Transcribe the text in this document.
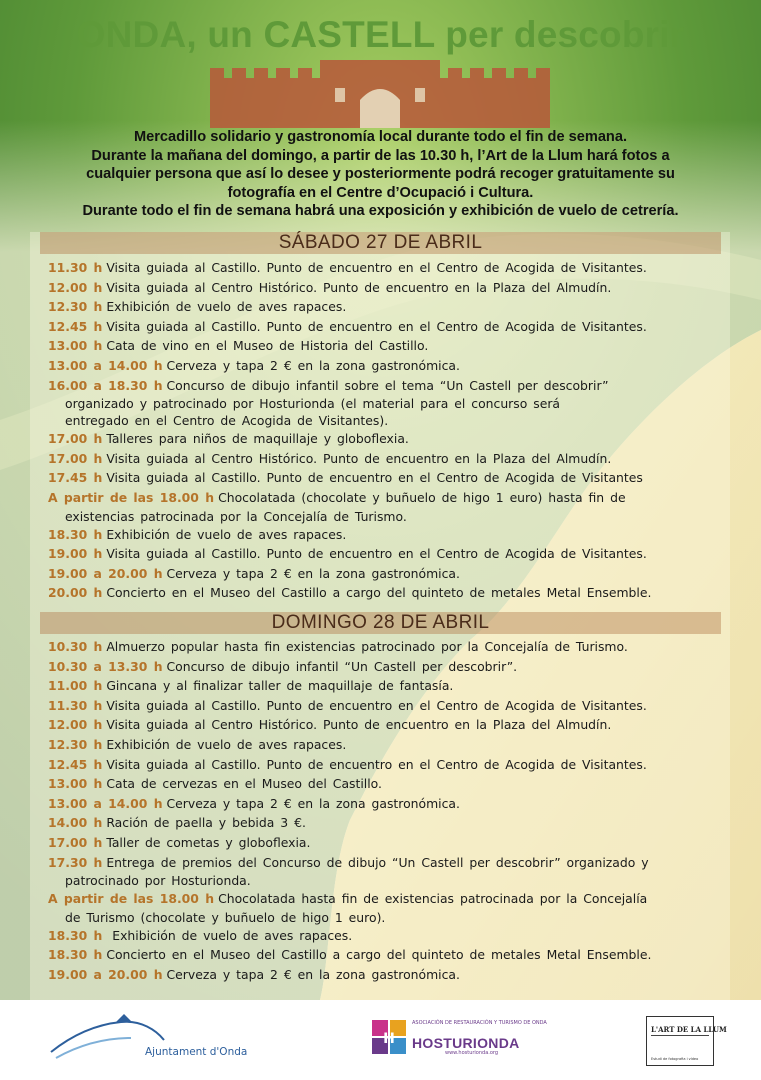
ONDA, un CASTELL per descobrir
Mercadillo solidario y gastronomía local durante todo el fin de semana.
Durante la mañana del domingo, a partir de las 10.30 h, l’Art de la Llum hará fotos a
cualquier persona que así lo desee y posteriormente podrá recoger gratuitamente su
fotografía en el Centre d’Ocupació i Cultura.
Durante todo el fin de semana habrá una exposición y exhibición de vuelo de cetrería.
SÁBADO 27 DE ABRIL
11.30 h Visita guiada al Castillo. Punto de encuentro en el Centro de Acogida de Visitantes.
12.00 h Visita guiada al Centro Histórico. Punto de encuentro en la Plaza del Almudín.
12.30 h Exhibición de vuelo de aves rapaces.
12.45 h Visita guiada al Castillo. Punto de encuentro en el Centro de Acogida de Visitantes.
13.00 h Cata de vino en el Museo de Historia del Castillo.
13.00 a 14.00 h Cerveza y tapa 2 € en la zona gastronómica.
16.00 a 18.30 h Concurso de dibujo infantil sobre el tema “Un Castell per descobrir”
organizado y patrocinado por Hosturionda (el material para el concurso será
entregado en el Centro de Acogida de Visitantes).
17.00 h Talleres para niños de maquillaje y globoflexia.
17.00 h Visita guiada al Centro Histórico. Punto de encuentro en la Plaza del Almudín.
17.45 h Visita guiada al Castillo. Punto de encuentro en el Centro de Acogida de Visitantes
A partir de las 18.00 h Chocolatada (chocolate y buñuelo de higo 1 euro) hasta fin de
existencias patrocinada por la Concejalía de Turismo.
18.30 h Exhibición de vuelo de aves rapaces.
19.00 h Visita guiada al Castillo. Punto de encuentro en el Centro de Acogida de Visitantes.
19.00 a 20.00 h Cerveza y tapa 2 € en la zona gastronómica.
20.00 h Concierto en el Museo del Castillo a cargo del quinteto de metales Metal Ensemble.
DOMINGO 28 DE ABRIL
10.30 h Almuerzo popular hasta fin existencias patrocinado por la Concejalía de Turismo.
10.30 a 13.30 h Concurso de dibujo infantil “Un Castell per descobrir”.
11.00 h Gincana y al finalizar taller de maquillaje de fantasía.
11.30 h Visita guiada al Castillo. Punto de encuentro en el Centro de Acogida de Visitantes.
12.00 h Visita guiada al Centro Histórico. Punto de encuentro en la Plaza del Almudín.
12.30 h Exhibición de vuelo de aves rapaces.
12.45 h Visita guiada al Castillo. Punto de encuentro en el Centro de Acogida de Visitantes.
13.00 h Cata de cervezas en el Museo del Castillo.
13.00 a 14.00 h Cerveza y tapa 2 € en la zona gastronómica.
14.00 h Ración de paella y bebida 3 €.
17.00 h Taller de cometas y globoflexia.
17.30 h Entrega de premios del Concurso de dibujo “Un Castell per descobrir” organizado y
patrocinado por Hosturionda.
A partir de las 18.00 h Chocolatada hasta fin de existencias patrocinada por la Concejalía
de Turismo (chocolate y buñuelo de higo 1 euro).
18.30 h Exhibición de vuelo de aves rapaces.
18.30 h Concierto en el Museo del Castillo a cargo del quinteto de metales Metal Ensemble.
19.00 a 20.00 h Cerveza y tapa 2 € en la zona gastronómica.
Ajuntament d'Onda
H
ASOCIACIÓN DE RESTAURACIÓN Y TURISMO DE ONDA
HOSTURIONDA
www.hosturionda.org
L'ART DE LA LLUM
Estudi de fotografia i vídeo
